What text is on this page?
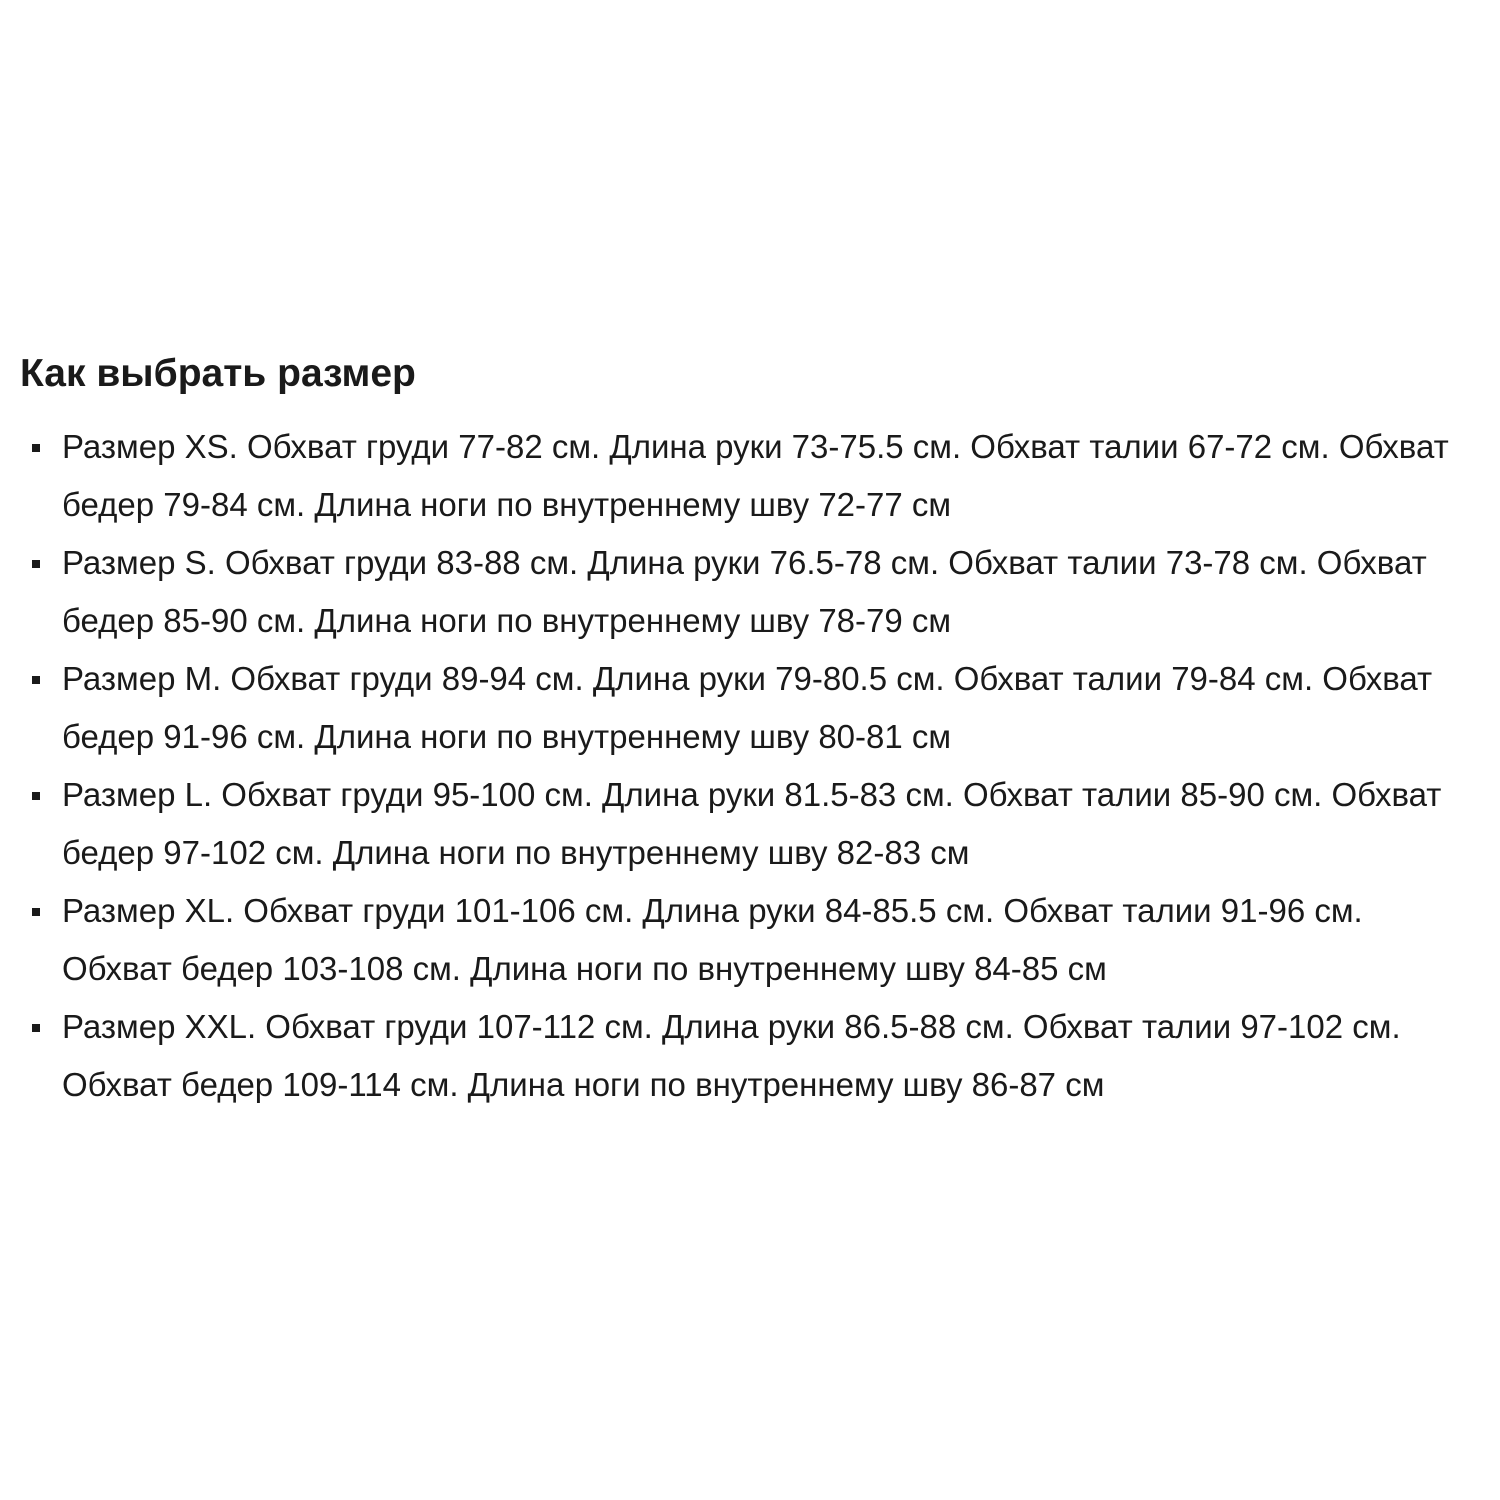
Как выбрать размер
Размер XS. Обхват груди 77-82 см. Длина руки 73-75.5 см. Обхват талии 67-72 см. Обхват бедер 79-84 см. Длина ноги по внутреннему шву 72-77 см
Размер S. Обхват груди 83-88 см. Длина руки 76.5-78 см. Обхват талии 73-78 см. Обхват бедер 85-90 см. Длина ноги по внутреннему шву 78-79 см
Размер M. Обхват груди 89-94 см. Длина руки 79-80.5 см. Обхват талии 79-84 см. Обхват бедер 91-96 см. Длина ноги по внутреннему шву 80-81 см
Размер L. Обхват груди 95-100 см. Длина руки 81.5-83 см. Обхват талии 85-90 см. Обхват бедер 97-102 см. Длина ноги по внутреннему шву 82-83 см
Размер XL. Обхват груди 101-106 см. Длина руки 84-85.5 см. Обхват талии 91-96 см. Обхват бедер 103-108 см. Длина ноги по внутреннему шву 84-85 см
Размер XXL. Обхват груди 107-112 см. Длина руки 86.5-88 см. Обхват талии 97-102 см. Обхват бедер 109-114 см. Длина ноги по внутреннему шву 86-87 см
